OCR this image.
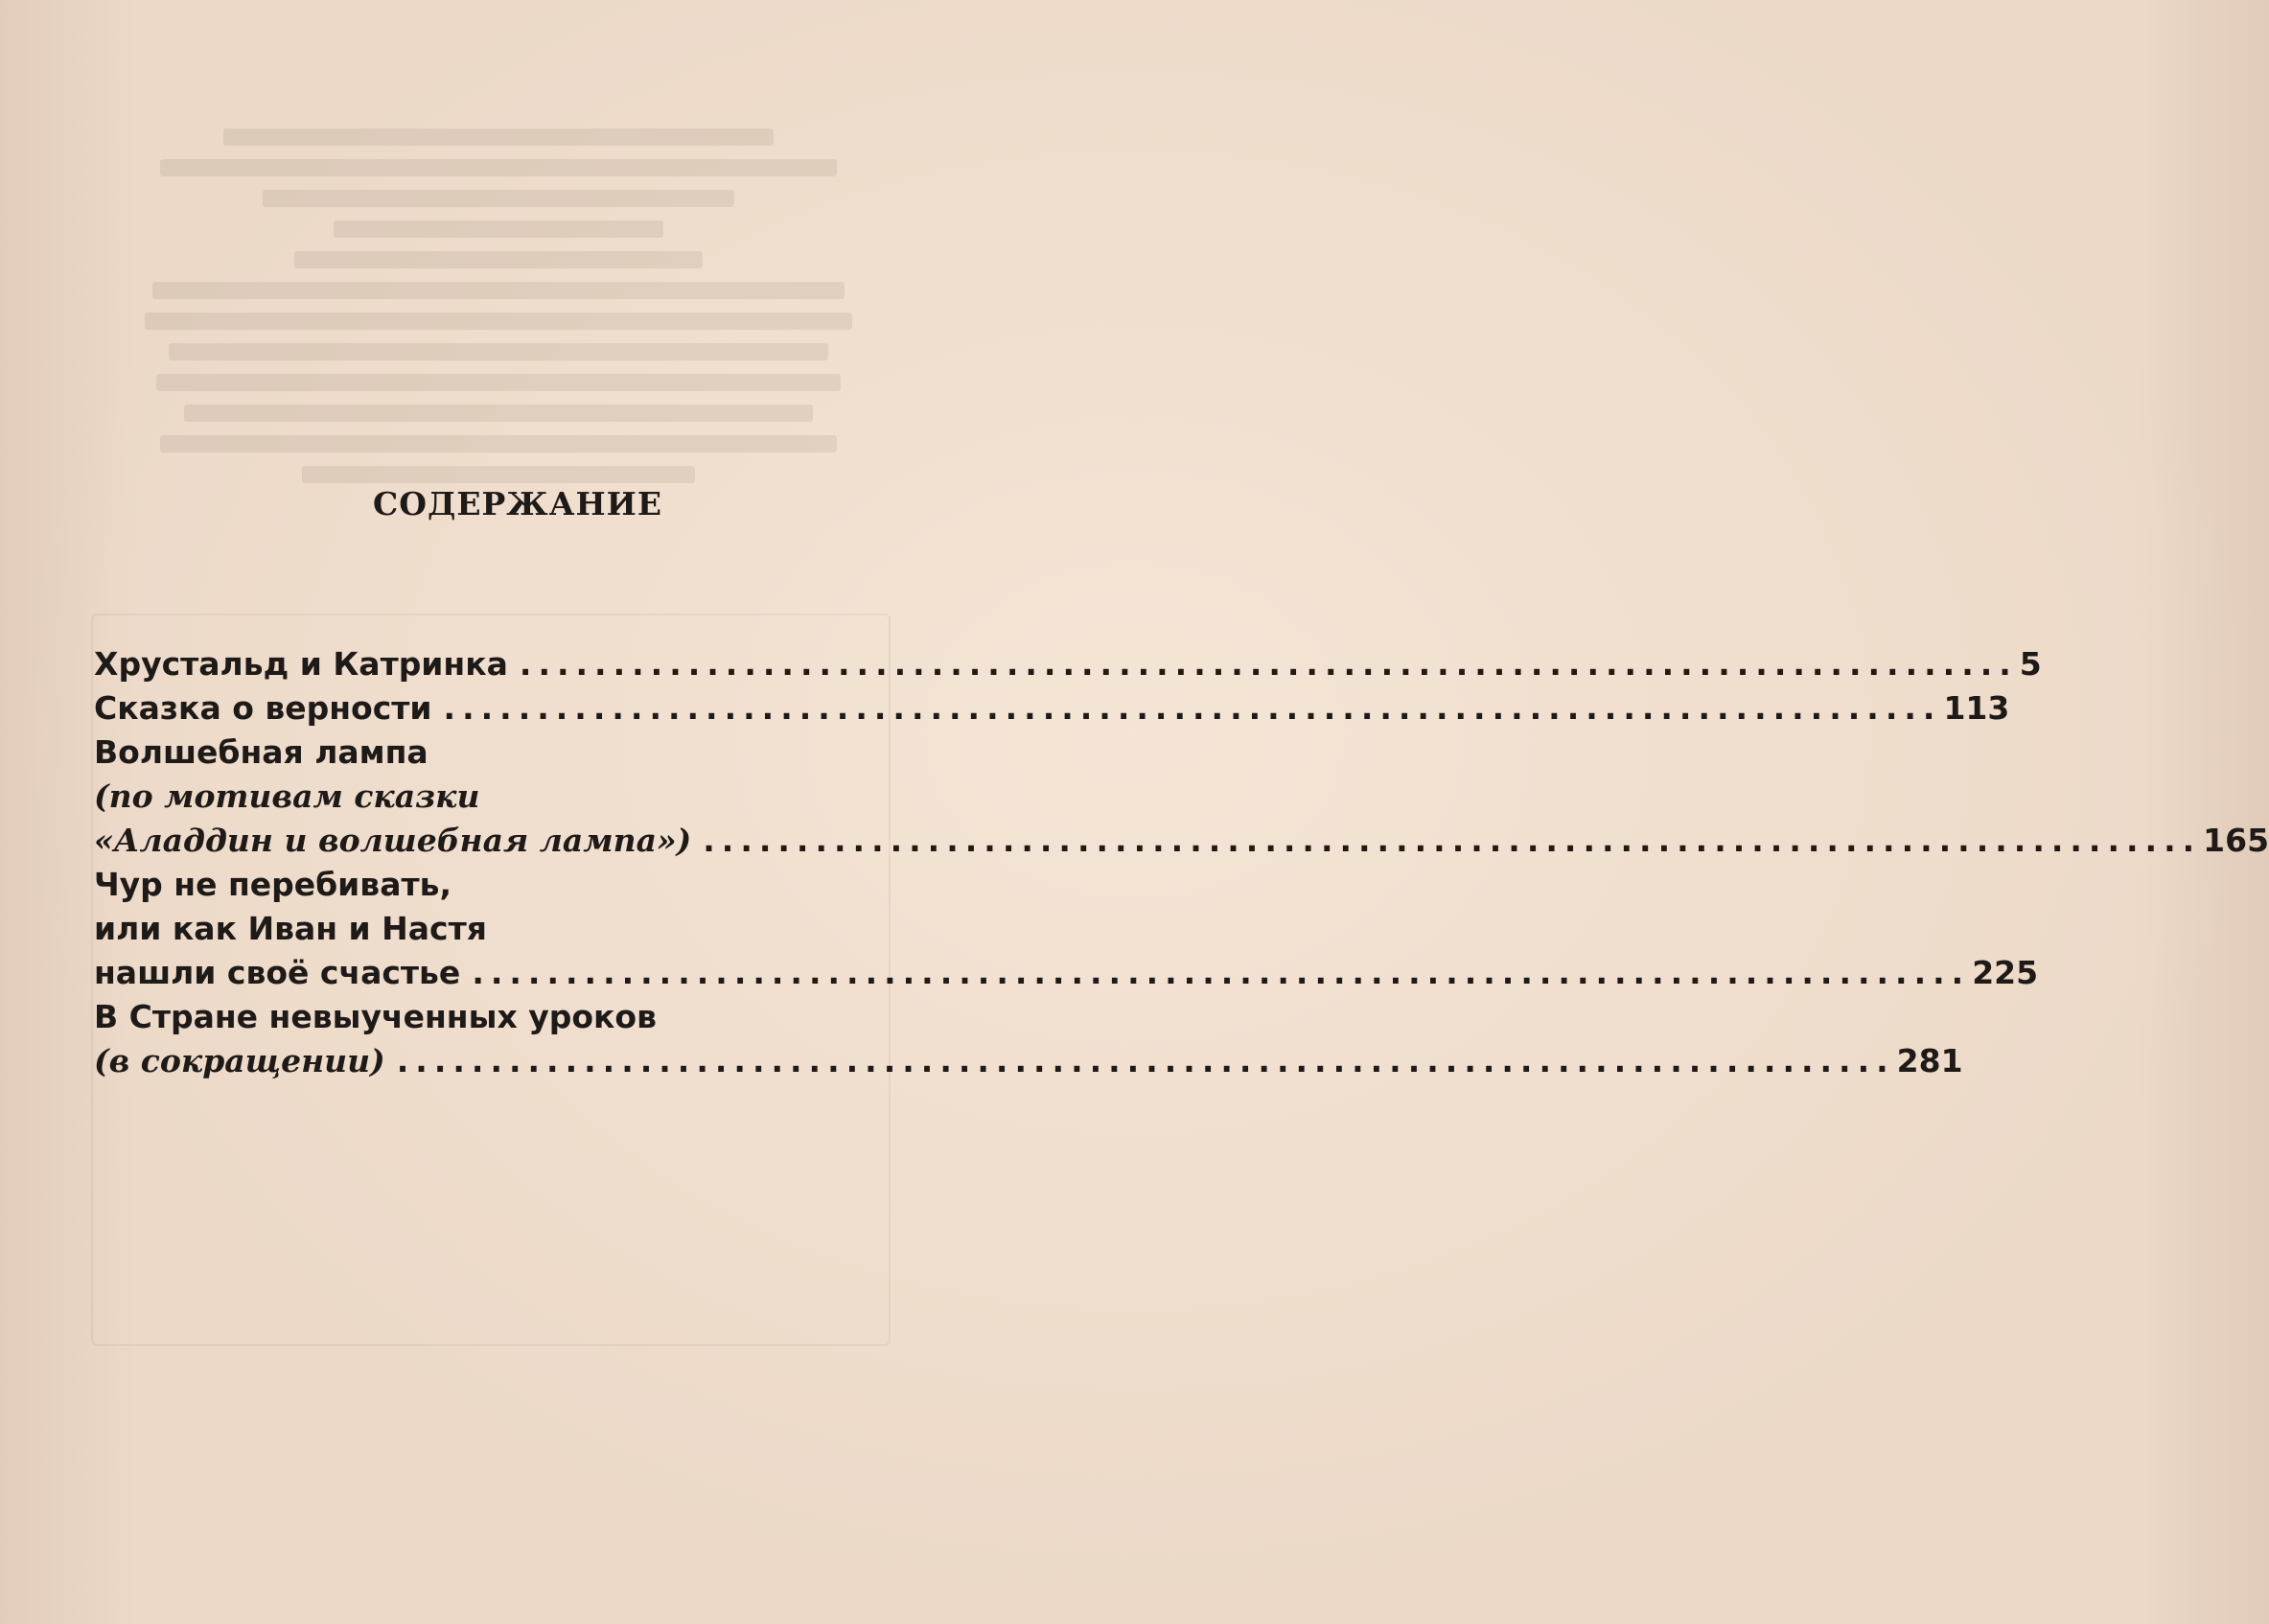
СОДЕРЖАНИЕ
Хрустальд и Катринка ................................................................................ 5
Сказка о верности ................................................................................ 113
Волшебная лампа
(по мотивам сказки
«Аладдин и волшебная лампа») ................................................................................ 165
Чур не перебивать,
или как Иван и Настя
нашли своё счастье ................................................................................ 225
В Стране невыученных уроков
(в сокращении) ................................................................................ 281
